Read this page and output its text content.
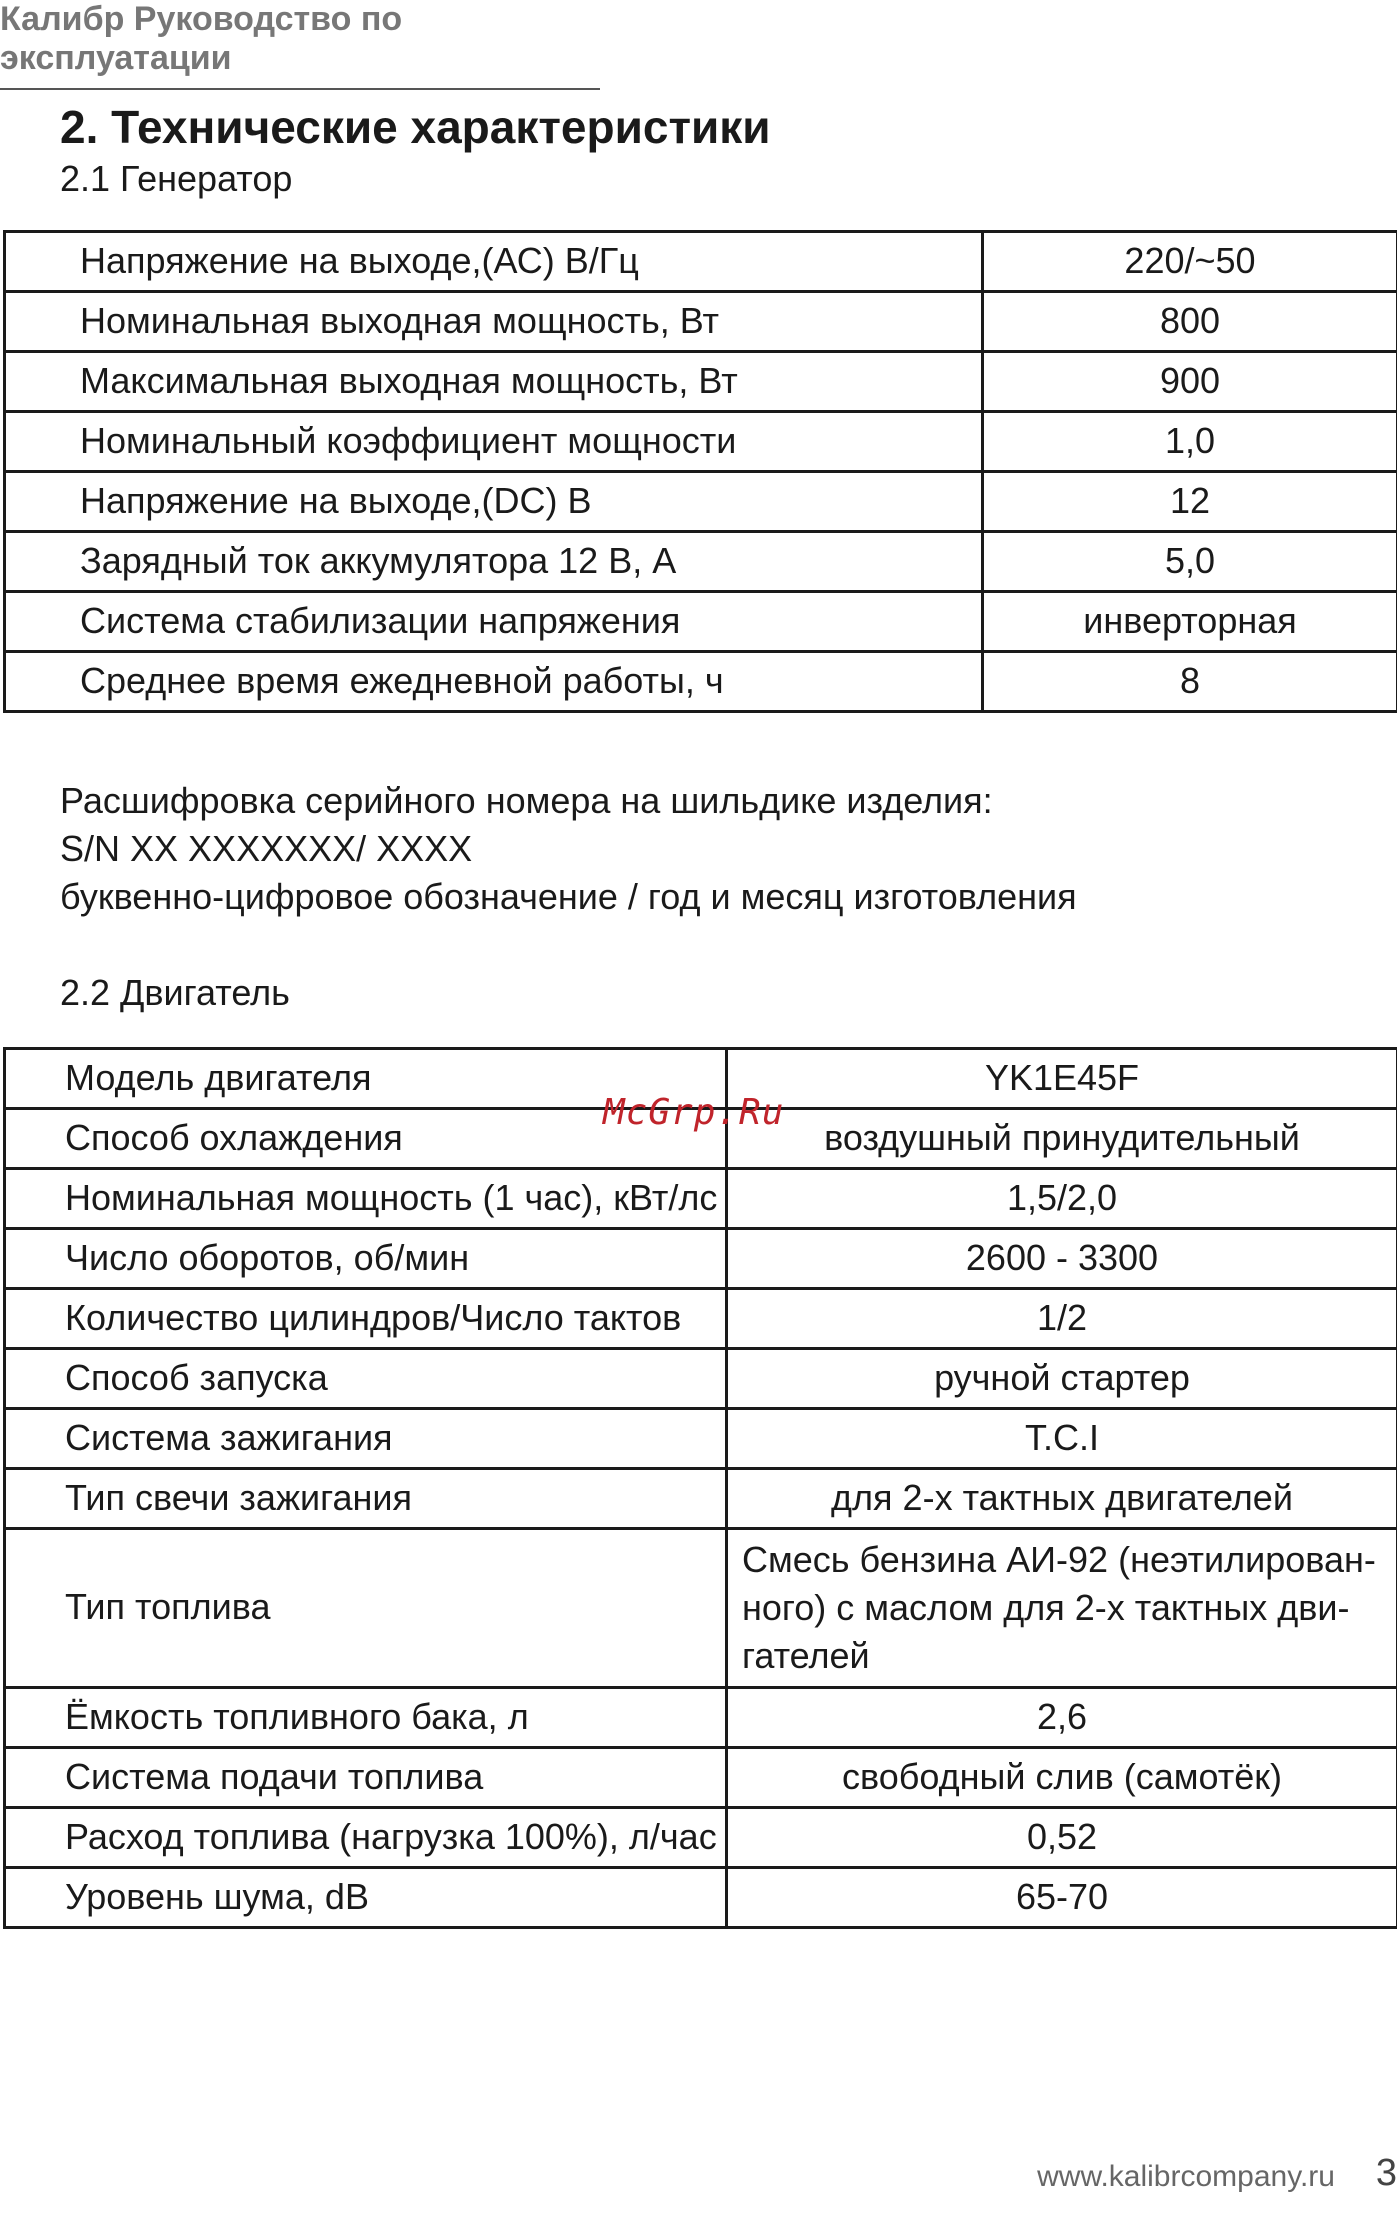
Калибр Руководство по эксплуатации
2. Технические характеристики
2.1 Генератор
Напряжение на выходе,(АС) В/Гц	220/~50
Номинальная выходная мощность, Вт	800
Максимальная выходная мощность, Вт	900
Номинальный коэффициент мощности	1,0
Напряжение на выходе,(DC) В	12
Зарядный ток аккумулятора 12 В, А	5,0
Система стабилизации напряжения	инверторная
Среднее время ежедневной работы, ч	8
Расшифровка серийного номера на шильдике изделия:
S/N XX XXXXXXX/ XXXX
буквенно-цифровое обозначение / год и месяц изготовления
2.2 Двигатель
Модель двигателя	YK1E45F
Способ охлаждения	воздушный принудительный
Номинальная мощность (1 час), кВт/лс	1,5/2,0
Число оборотов, об/мин	2600 - 3300
Количество цилиндров/Число тактов	1/2
Способ запуска	ручной стартер
Система зажигания	T.C.I
Тип свечи зажигания	для 2-х тактных двигателей
Тип топлива	Смесь бензина АИ-92 (неэтилирован-
ного) с маслом для 2-х тактных дви-
гателей

Ёмкость топливного бака, л	2,6
Система подачи топлива	свободный слив (самотёк)
Расход топлива (нагрузка 100%), л/час	0,52
Уровень шума, dB	65-70
McGrp.Ru
www.kalibrcompany.ru 3
